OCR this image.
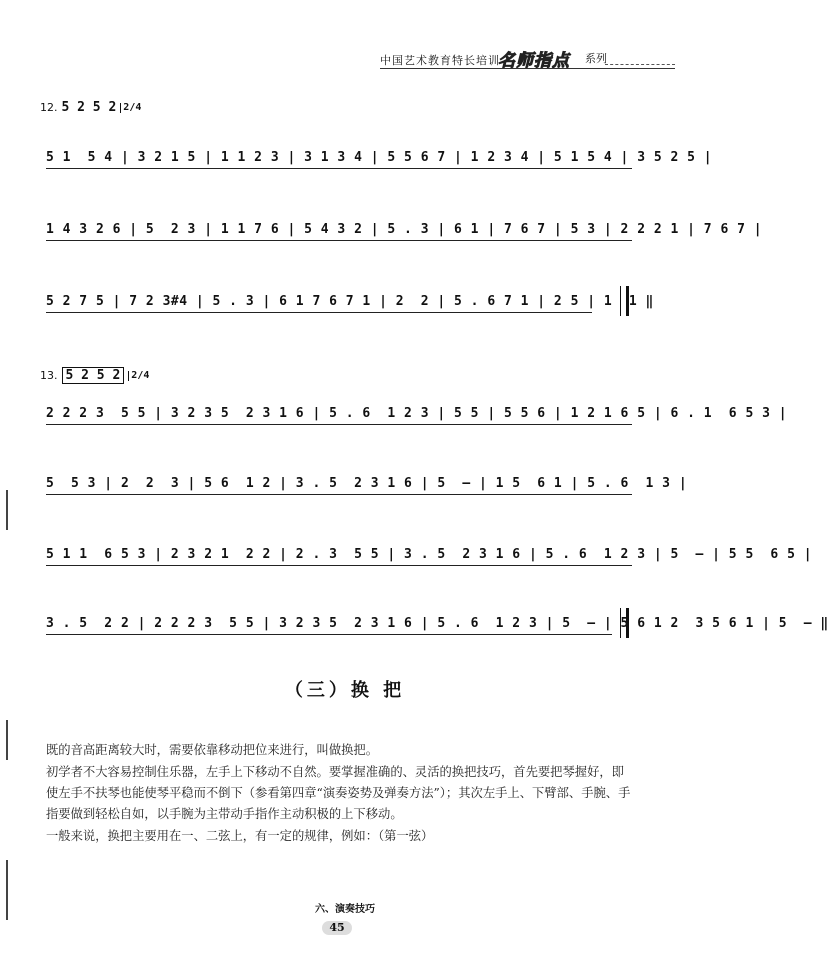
中国艺术教育特长培训
名师指点 系列
12. 5 2 5 2 2/4

5 1  5 4 | 3 2 1 5 | 1 1 2 3 | 3 1 3 4 | 5 5 6 7 | 1 2 3 4 | 5 1 5 4 | 3 5 2 5 |

1 4 3 2 6 | 5  2 3 | 1 1 7 6 | 5 4 3 2 | 5 . 3 | 6 1 | 7 6 7 | 5 3 | 2 2 2 1 | 7 6 7 |

5 2 7 5 | 7 2 3#4 | 5 . 3 | 6 1 7 6 7 1 | 2  2 | 5 . 6 7 1 | 2 5 | 1  1 ‖

13. 5 2 5 2 2/4

2 2 2 3  5 5 | 3 2 3 5  2 3 1 6 | 5 . 6  1 2 3 | 5 5 | 5 5 6 | 1 2 1 6 5 | 6 . 1  6 5 3 |

5  5 3 | 2  2  3 | 5 6  1 2 | 3 . 5  2 3 1 6 | 5  – | 1 5  6 1 | 5 . 6  1 3 |

5 1 1  6 5 3 | 2 3 2 1  2 2 | 2 . 3  5 5 | 3 . 5  2 3 1 6 | 5 . 6  1 2 3 | 5  – | 5 5  6 5 |

3 . 5  2 2 | 2 2 2 3  5 5 | 3 2 3 5  2 3 1 6 | 5 . 6  1 2 3 | 5  – | 5 6 1 2  3 5 6 1 | 5  – ‖

（三）换 把
既的音高距离较大时，需要依靠移动把位来进行，叫做换把。
初学者不大容易控制住乐器，左手上下移动不自然。要掌握准确的、灵活的换把技巧，首先要把琴握好，即使左手不扶琴也能使琴平稳而不倒下（参看第四章“演奏姿势及弹奏方法”）；其次左手上、下臂部、手腕、手指要做到轻松自如，以手腕为主带动手指作主动积极的上下移动。
一般来说，换把主要用在一、二弦上，有一定的规律，例如：（第一弦）
六、演奏技巧
45
